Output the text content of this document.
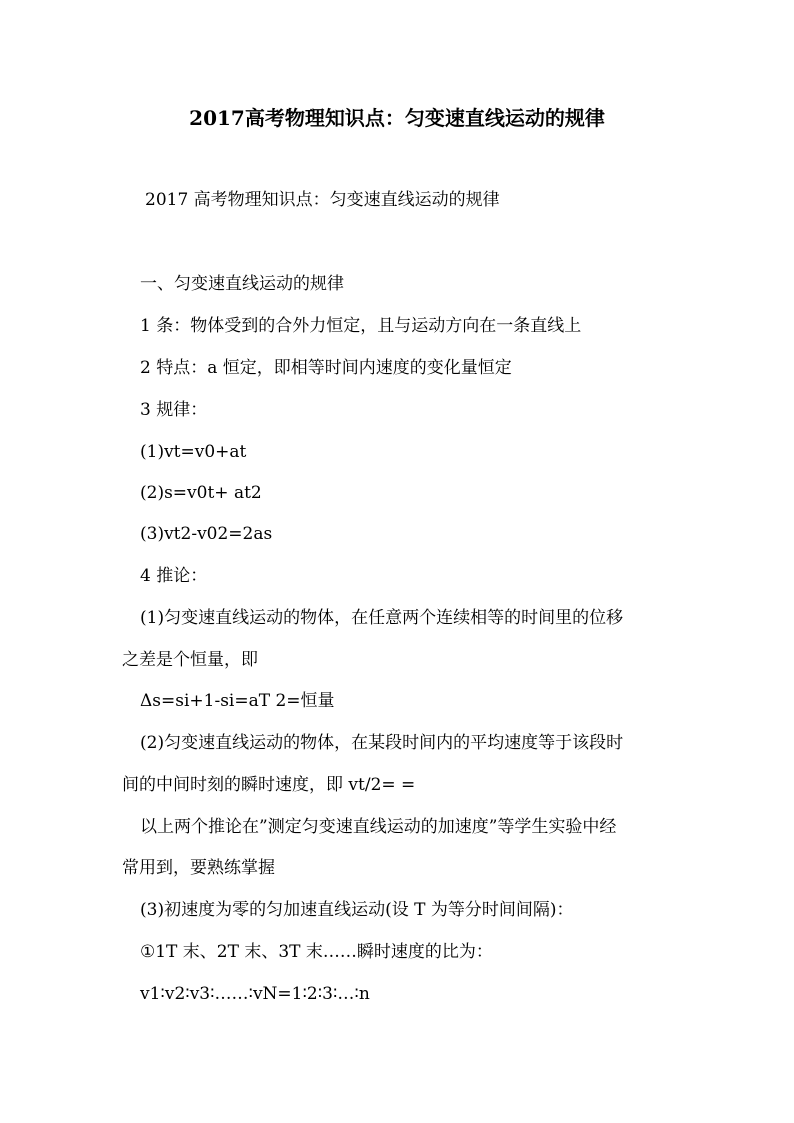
2017高考物理知识点：匀变速直线运动的规律
2017 高考物理知识点：匀变速直线运动的规律
一、匀变速直线运动的规律
1 条：物体受到的合外力恒定，且与运动方向在一条直线上
2 特点：a 恒定，即相等时间内速度的变化量恒定
3 规律：
(1)vt=v0+at
(2)s=v0t+ at2
(3)vt2-v02=2as
4 推论：
(1)匀变速直线运动的物体，在任意两个连续相等的时间里的位移
之差是个恒量，即
Δs=si+1-si=aT 2=恒量
(2)匀变速直线运动的物体，在某段时间内的平均速度等于该段时
间的中间时刻的瞬时速度，即 vt/2= =
以上两个推论在”测定匀变速直线运动的加速度”等学生实验中经
常用到，要熟练掌握
(3)初速度为零的匀加速直线运动(设 T 为等分时间间隔)：
①1T 末、2T 末、3T 末……瞬时速度的比为：
v1∶v2∶v3∶……∶vN=1∶2∶3∶…∶n
